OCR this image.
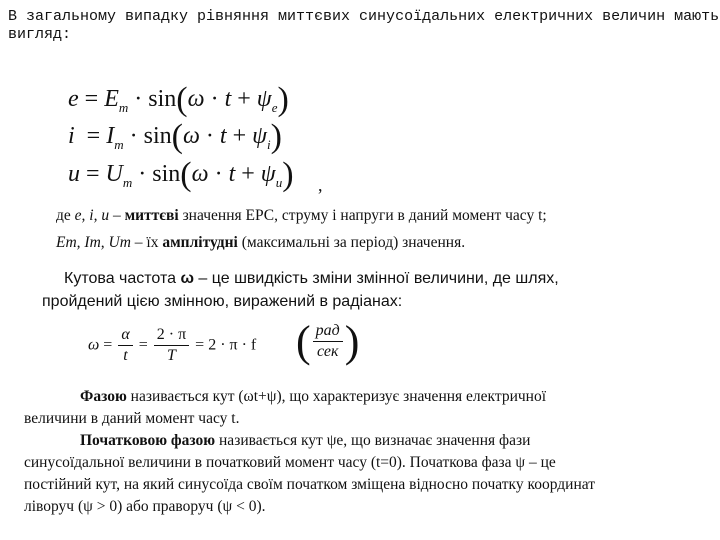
В загальному випадку рівняння миттєвих синусоїдальних електричних величин мають
вигляд:
$e = E_m \cdot \sin(\omega \cdot t + \psi_e)$
$i = I_m \cdot \sin(\omega \cdot t + \psi_i)$
$u = U_m \cdot \sin(\omega \cdot t + \psi_u)$ ,
де e, i, u – миттєві значення ЕРС, струму і напруги в даний момент часу t;
Em, Im, Um – їх амплітудні (максимальні за період) значення.
Кутова частота ω – це швидкість зміни змінної величини, де шлях,
пройдений цією змінною, виражений в радіанах:
$\omega = \frac{\alpha}{t} = \frac{2 \cdot \pi}{T} = 2 \cdot \pi \cdot f$ ( $\frac{\text{рад}}{\text{сек}}$ )
Фазою називається кут (ωt+ψ), що характеризує значення електричної
величини в даний момент часу t.
Початковою фазою називається кут ψе, що визначає значення фази
синусоїдальної величини в початковий момент часу (t=0). Початкова фаза ψ – це
постійний кут, на який синусоїда своїм початком зміщена відносно початку координат
ліворуч (ψ > 0) або праворуч (ψ < 0).
